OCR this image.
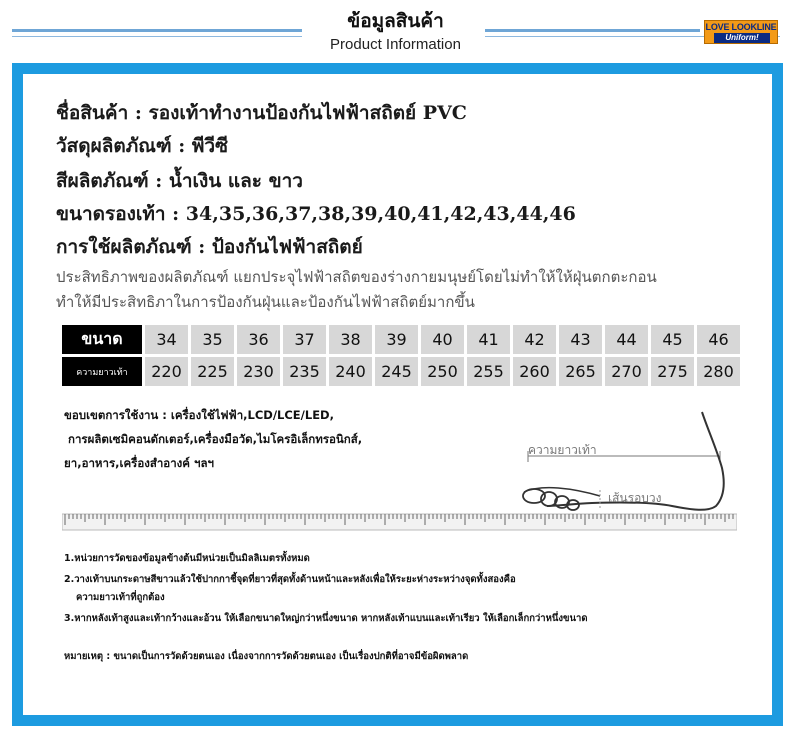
ข้อมูลสินค้า
Product Information
LOVE LOOKLINE
Uniform!
ชื่อสินค้า : รองเท้าทำงานป้องกันไฟฟ้าสถิตย์ PVC
วัสดุผลิตภัณฑ์ : พีวีซี
สีผลิตภัณฑ์ : น้ำเงิน และ ขาว
ขนาดรองเท้า : 34,35,36,37,38,39,40,41,42,43,44,46
การใช้ผลิตภัณฑ์ : ป้องกันไฟฟ้าสถิตย์
ประสิทธิภาพของผลิตภัณฑ์ แยกประจุไฟฟ้าสถิตของร่างกายมนุษย์โดยไม่ทำให้ให้ฝุ่นตกตะกอน
ทำให้มีประสิทธิภาในการป้องกันฝุ่นและป้องกันไฟฟ้าสถิตย์มากขึ้น
ขนาด	34	35	36	37	38	39	40	41	42	43	44	45	46
ความยาวเท้า	220	225	230	235	240	245	250	255	260	265	270	275	280
ขอบเขตการใช้งาน : เครื่องใช้ไฟฟ้า,LCD/LCE/LED,
การผลิตเซมิคอนดักเตอร์,เครื่องมือวัด,ไมโครอิเล็กทรอนิกส์,
ยา,อาหาร,เครื่องสำอางค์ ฯลฯ
ความยาวเท้า
เส้นรอบวง
1.หน่วยการวัดของข้อมูลข้างต้นมีหน่วยเป็นมิลลิเมตรทั้งหมด
2.วางเท้าบนกระดาษสีขาวแล้วใช้ปากกาชี้จุดที่ยาวที่สุดทั้งด้านหน้าและหลังเพื่อให้ระยะห่างระหว่างจุดทั้งสองคือ
ความยาวเท้าที่ถูกต้อง
3.หากหลังเท้าสูงและเท้ากว้างและอ้วน ให้เลือกขนาดใหญ่กว่าหนึ่งขนาด หากหลังเท้าแบนและเท้าเรียว ให้เลือกเล็กกว่าหนึ่งขนาด
หมายเหตุ : ขนาดเป็นการวัดด้วยตนเอง เนื่องจากการวัดด้วยตนเอง เป็นเรื่องปกติที่อาจมีข้อผิดพลาด
